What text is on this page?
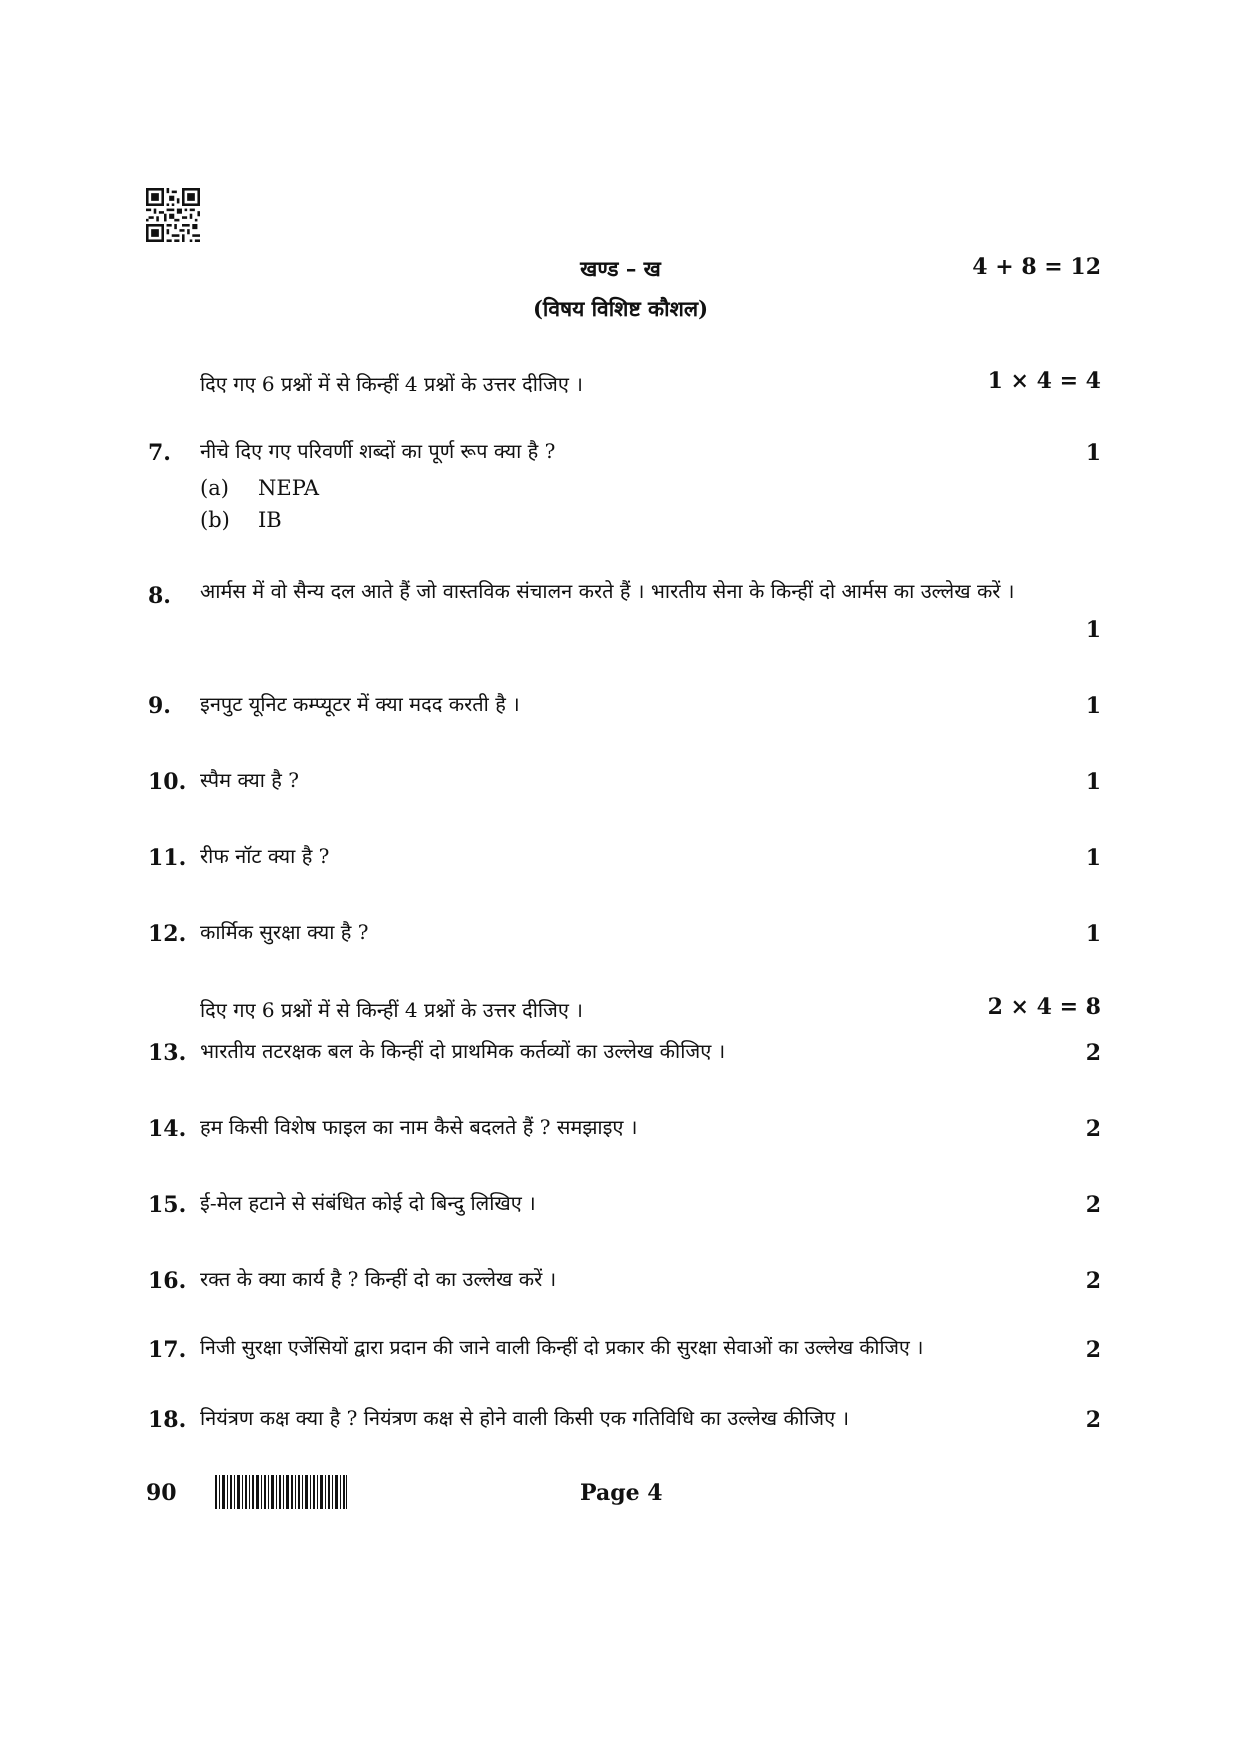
खण्ड – ख	4 + 8 = 12
(विषय विशिष्ट कौशल)
दिए गए 6 प्रश्नों में से किन्हीं 4 प्रश्नों के उत्तर दीजिए ।	1 × 4 = 4
7. नीचे दिए गए परिवर्णी शब्दों का पूर्ण रूप क्या है ?	1
(a) NEPA
(b) IB
8. आर्मस में वो सैन्य दल आते हैं जो वास्तविक संचालन करते हैं । भारतीय सेना के किन्हीं दो आर्मस का उल्लेख करें ।
1
9. इनपुट यूनिट कम्प्यूटर में क्या मदद करती है ।	1
10. स्पैम क्या है ?	1
11. रीफ नॉट क्या है ?	1
12. कार्मिक सुरक्षा क्या है ?	1
दिए गए 6 प्रश्नों में से किन्हीं 4 प्रश्नों के उत्तर दीजिए ।	2 × 4 = 8
13. भारतीय तटरक्षक बल के किन्हीं दो प्राथमिक कर्तव्यों का उल्लेख कीजिए ।	2
14. हम किसी विशेष फाइल का नाम कैसे बदलते हैं ? समझाइए ।	2
15. ई-मेल हटाने से संबंधित कोई दो बिन्दु लिखिए ।	2
16. रक्त के क्या कार्य है ? किन्हीं दो का उल्लेख करें ।	2
17. निजी सुरक्षा एजेंसियों द्वारा प्रदान की जाने वाली किन्हीं दो प्रकार की सुरक्षा सेवाओं का उल्लेख कीजिए ।	2
18. नियंत्रण कक्ष क्या है ? नियंत्रण कक्ष से होने वाली किसी एक गतिविधि का उल्लेख कीजिए ।	2
90	Page 4
